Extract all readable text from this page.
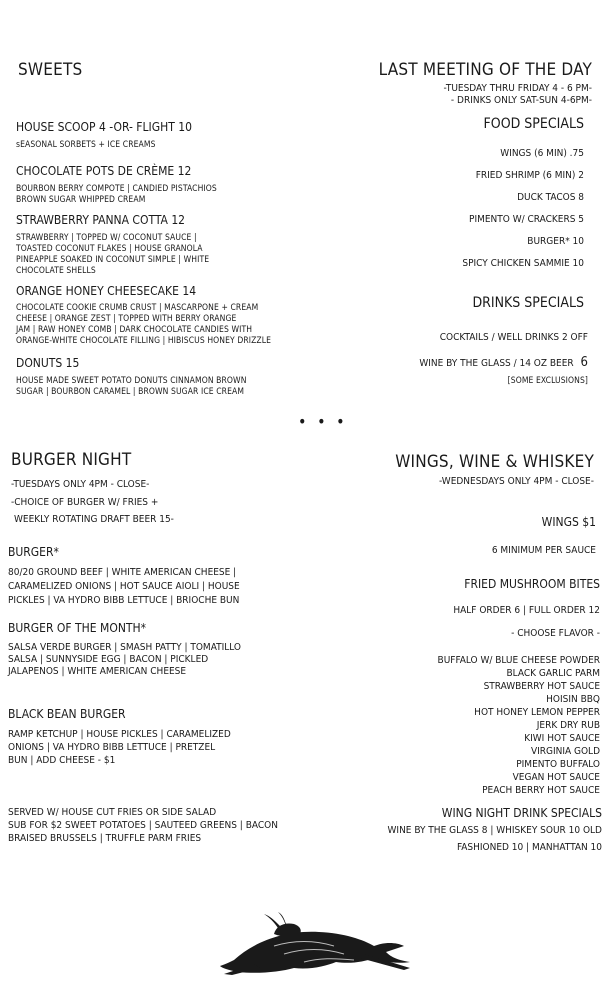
SWEETS
HOUSE SCOOP 4 -OR- FLIGHT 10
sEASONAL SORBETS + ICE CREAMS
CHOCOLATE POTS DE CRÈME 12
BOURBON BERRY COMPOTE | CANDIED PISTACHIOS
BROWN SUGAR WHIPPED CREAM
STRAWBERRY PANNA COTTA 12
STRAWBERRY | TOPPED W/ COCONUT SAUCE |
TOASTED COCONUT FLAKES | HOUSE GRANOLA
PINEAPPLE SOAKED IN COCONUT SIMPLE | WHITE
CHOCOLATE SHELLS
ORANGE HONEY CHEESECAKE 14
CHOCOLATE COOKIE CRUMB CRUST | MASCARPONE + CREAM
CHEESE | ORANGE ZEST | TOPPED WITH BERRY ORANGE
JAM | RAW HONEY COMB | DARK CHOCOLATE CANDIES WITH
ORANGE-WHITE CHOCOLATE FILLING | HIBISCUS HONEY DRIZZLE
DONUTS 15
HOUSE MADE SWEET POTATO DONUTS CINNAMON BROWN
SUGAR | BOURBON CARAMEL | BROWN SUGAR ICE CREAM
LAST MEETING OF THE DAY
-TUESDAY THRU FRIDAY 4 - 6 PM-
- DRINKS ONLY SAT-SUN 4-6PM-
FOOD SPECIALS
WINGS (6 MIN) .75
FRIED SHRIMP (6 MIN) 2
DUCK TACOS 8
PIMENTO W/ CRACKERS 5
BURGER* 10
SPICY CHICKEN SAMMIE 10
DRINKS SPECIALS
COCKTAILS / WELL DRINKS 2 OFF
WINE BY THE GLASS / 14 OZ BEER 6
[SOME EXCLUSIONS]
• • •
BURGER NIGHT
-TUESDAYS ONLY 4PM - CLOSE-
-CHOICE OF BURGER W/ FRIES +
WEEKLY ROTATING DRAFT BEER 15-
BURGER*
80/20 GROUND BEEF | WHITE AMERICAN CHEESE |
CARAMELIZED ONIONS | HOT SAUCE AIOLI | HOUSE
PICKLES | VA HYDRO BIBB LETTUCE | BRIOCHE BUN
BURGER OF THE MONTH*
SALSA VERDE BURGER | SMASH PATTY | TOMATILLO
SALSA | SUNNYSIDE EGG | BACON | PICKLED
JALAPENOS | WHITE AMERICAN CHEESE
BLACK BEAN BURGER
RAMP KETCHUP | HOUSE PICKLES | CARAMELIZED
ONIONS | VA HYDRO BIBB LETTUCE | PRETZEL
BUN | ADD CHEESE - $1
SERVED W/ HOUSE CUT FRIES OR SIDE SALAD
SUB FOR $2 SWEET POTATOES | SAUTEED GREENS | BACON
BRAISED BRUSSELS | TRUFFLE PARM FRIES
WINGS, WINE & WHISKEY
-WEDNESDAYS ONLY 4PM - CLOSE-
WINGS $1
6 MINIMUM PER SAUCE
FRIED MUSHROOM BITES
HALF ORDER 6 | FULL ORDER 12
- CHOOSE FLAVOR -
BUFFALO W/ BLUE CHEESE POWDER
BLACK GARLIC PARM
STRAWBERRY HOT SAUCE
HOISIN BBQ
HOT HONEY LEMON PEPPER
JERK DRY RUB
KIWI HOT SAUCE
VIRGINIA GOLD
PIMENTO BUFFALO
VEGAN HOT SAUCE
PEACH BERRY HOT SAUCE
WING NIGHT DRINK SPECIALS
WINE BY THE GLASS 8 | WHISKEY SOUR 10 OLD
FASHIONED 10 | MANHATTAN 10
